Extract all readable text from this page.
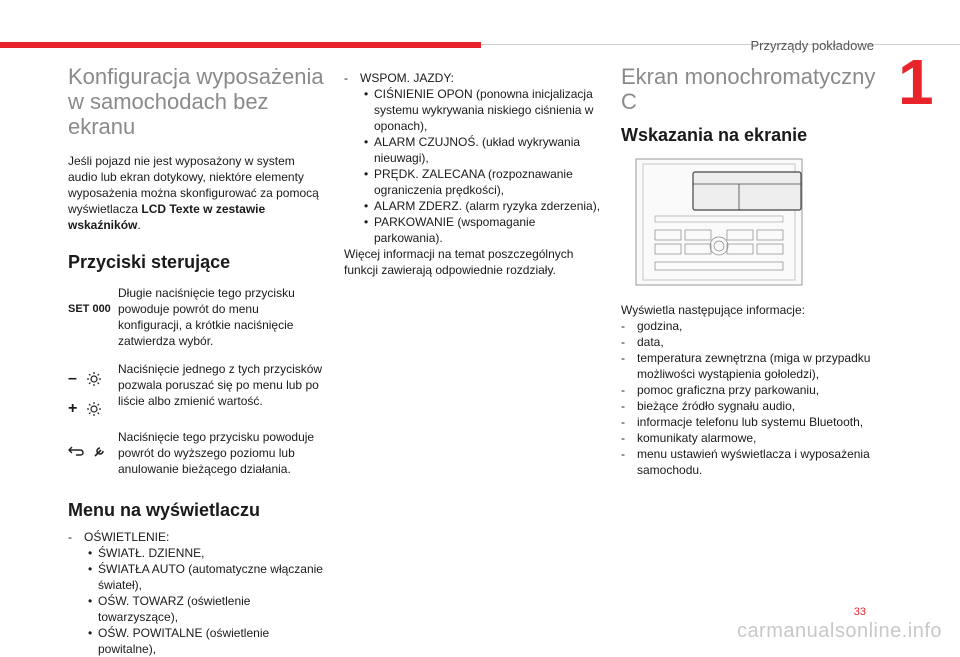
Przyrządy pokładowe
1
Konfiguracja wyposażenia w samochodach bez ekranu

Jeśli pojazd nie jest wyposażony w system audio lub ekran dotykowy, niektóre elementy wyposażenia można skonfigurować za pomocą wyświetlacza LCD Texte w zestawie wskaźników.

Przyciski sterujące
SET 000
Długie naciśnięcie tego przycisku powoduje powrót do menu konfiguracji, a krótkie naciśnięcie zatwierdza wybór.
–
+
Naciśnięcie jednego z tych przycisków pozwala poruszać się po menu lub po liście albo zmienić wartość.
Naciśnięcie tego przycisku powoduje powrót do wyższego poziomu lub anulowanie bieżącego działania.
Menu na wyświetlaczu
- OŚWIETLENIE:
• ŚWIATŁ. DZIENNE,
• ŚWIATŁA AUTO (automatyczne włączanie świateł),
• OŚW. TOWARZ (oświetlenie towarzyszące),
• OŚW. POWITALNE (oświetlenie powitalne),
- WSPOM. JAZDY:
• CIŚNIENIE OPON (ponowna inicjalizacja systemu wykrywania niskiego ciśnienia w oponach),
• ALARM CZUJNOŚ. (układ wykrywania nieuwagi),
• PRĘDK. ZALECANA (rozpoznawanie ograniczenia prędkości),
• ALARM ZDERZ. (alarm ryzyka zderzenia),
• PARKOWANIE (wspomaganie parkowania).

Więcej informacji na temat poszczególnych funkcji zawierają odpowiednie rozdziały.

Ekran monochromatyczny C
Wskazania na ekranie

Wyświetla następujące informacje:

- godzina,
- data,
- temperatura zewnętrzna (miga w przypadku możliwości wystąpienia gołoledzi),
- pomoc graficzna przy parkowaniu,
- bieżące źródło sygnału audio,
- informacje telefonu lub systemu Bluetooth,
- komunikaty alarmowe,
- menu ustawień wyświetlacza i wyposażenia samochodu.
33
carmanualsonline.info
